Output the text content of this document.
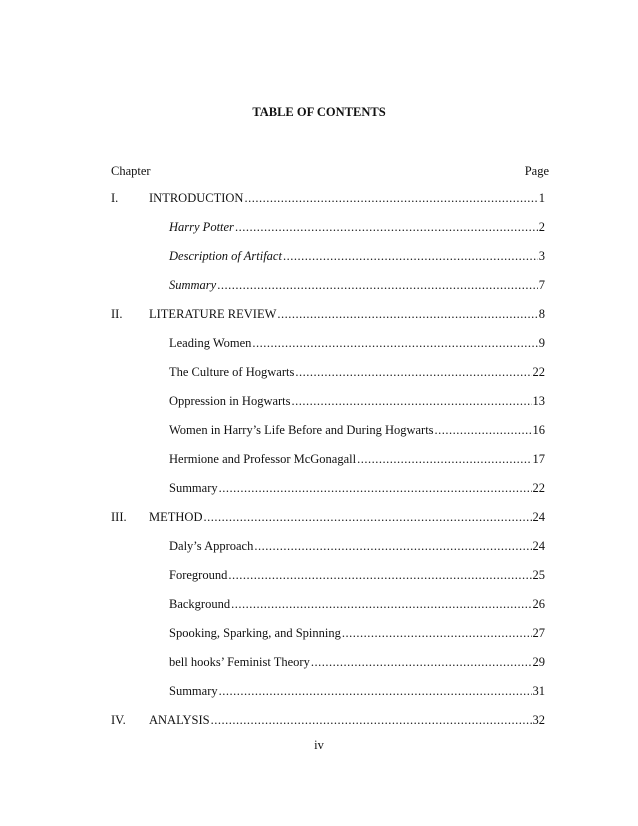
TABLE OF CONTENTS
Chapter	Page
I. INTRODUCTION .....	1
Harry Potter .....	2
Description of Artifact .....	3
Summary .....	7
II. LITERATURE REVIEW .....	8
Leading Women .....	9
The Culture of Hogwarts .....	22
Oppression in Hogwarts .....	13
Women in Harry’s Life Before and During Hogwarts .....	16
Hermione and Professor McGonagall .....	17
Summary .....	22
III. METHOD .....	24
Daly’s Approach .....	24
Foreground .....	25
Background .....	26
Spooking, Sparking, and Spinning .....	27
bell hooks’ Feminist Theory .....	29
Summary .....	31
IV. ANALYSIS .....	32
iv
